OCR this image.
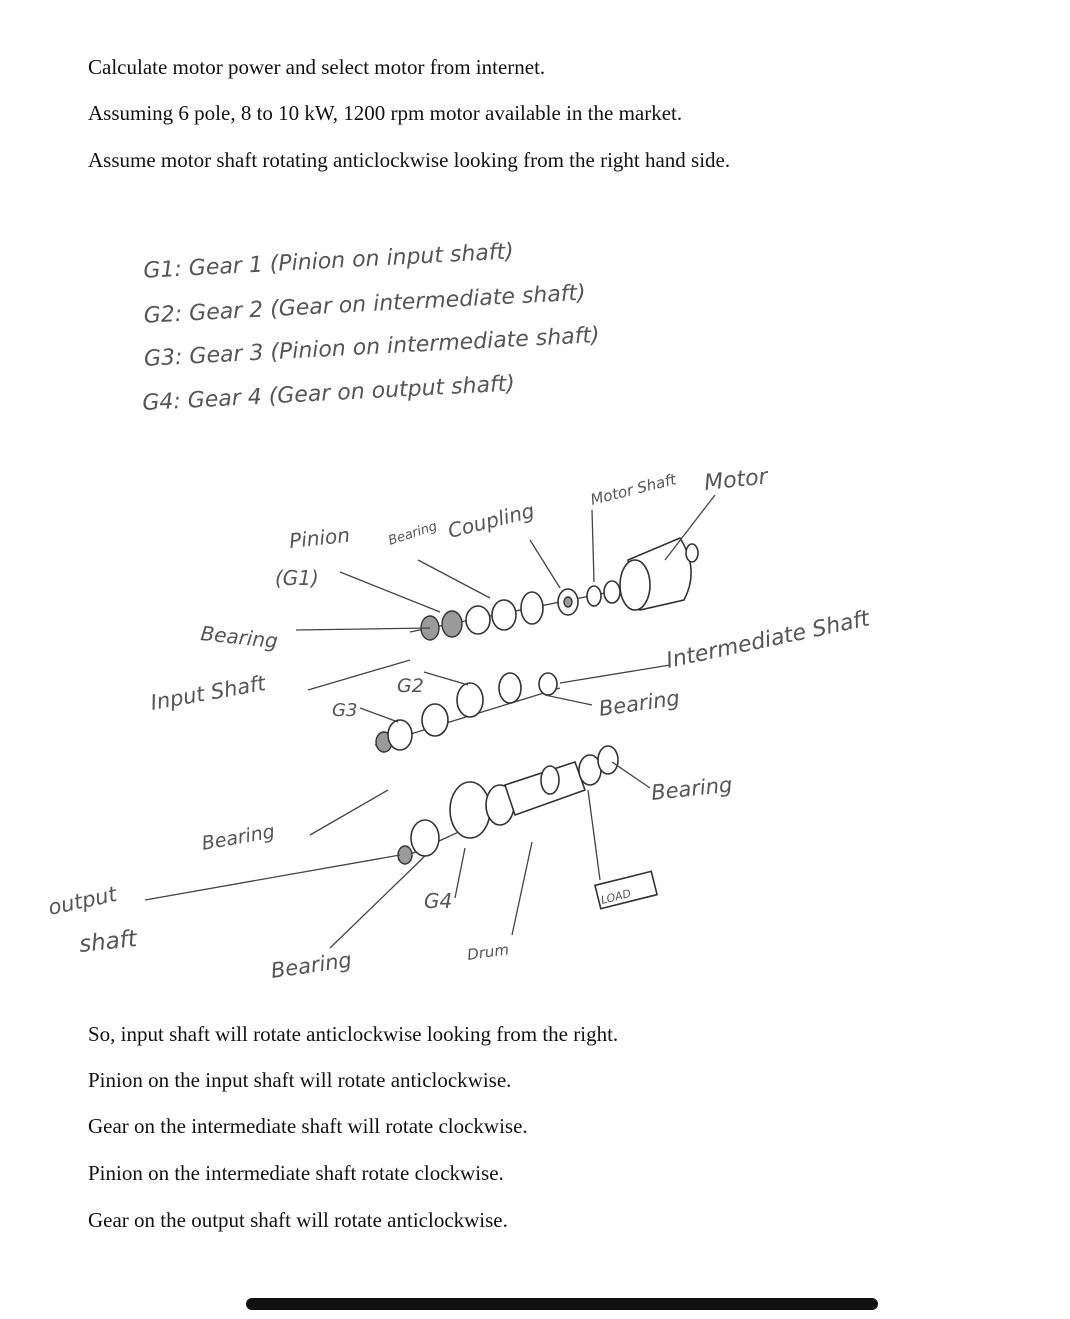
Calculate motor power and select motor from internet.
Assuming 6 pole, 8 to 10 kW, 1200 rpm motor available in the market.
Assume motor shaft rotating anticlockwise looking from the right hand side.
G1: Gear 1 (Pinion on input shaft)
G2: Gear 2 (Gear on intermediate shaft)
G3: Gear 3 (Pinion on intermediate shaft)
G4: Gear 4 (Gear on output shaft)
Pinion
(G1)
Bearing Coupling
Motor Shaft Motor
Bearing
Input Shaft	G2
G3
Intermediate Shaft
Bearing
Bearing
Bearing
output
shaft
G4	LOAD
Drum
Bearing
So, input shaft will rotate anticlockwise looking from the right.
Pinion on the input shaft will rotate anticlockwise.
Gear on the intermediate shaft will rotate clockwise.
Pinion on the intermediate shaft rotate clockwise.
Gear on the output shaft will rotate anticlockwise.
